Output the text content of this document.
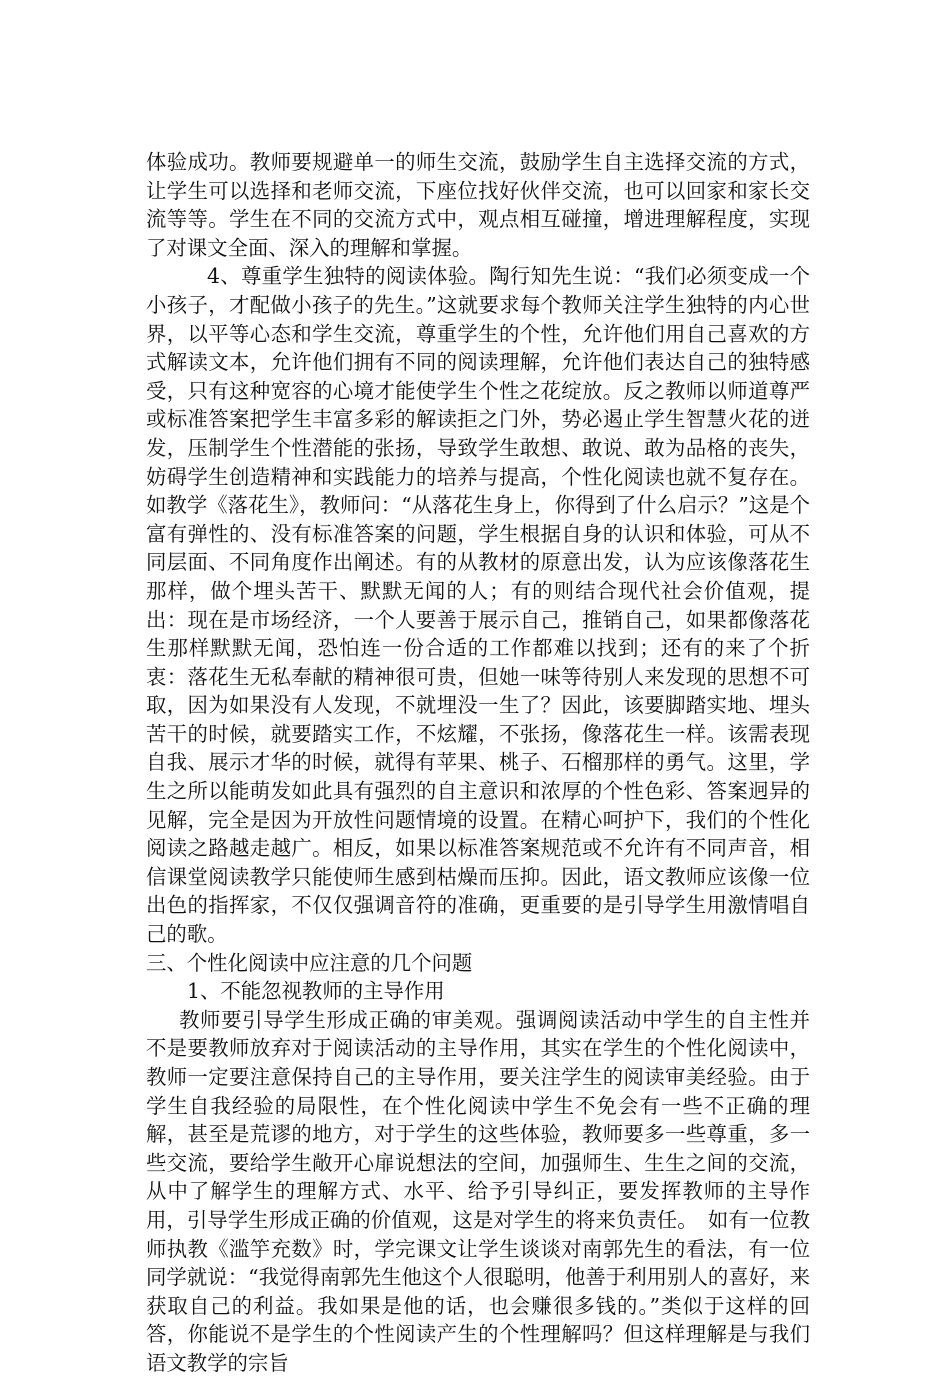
体验成功。教师要规避单一的师生交流，鼓励学生自主选择交流的方式，让学生可以选择和老师交流，下座位找好伙伴交流，也可以回家和家长交流等等。学生在不同的交流方式中，观点相互碰撞，增进理解程度，实现了对课文全面、深入的理解和掌握。

4、尊重学生独特的阅读体验。陶行知先生说：“我们必须变成一个小孩子，才配做小孩子的先生。”这就要求每个教师关注学生独特的内心世界，以平等心态和学生交流，尊重学生的个性，允许他们用自己喜欢的方式解读文本，允许他们拥有不同的阅读理解，允许他们表达自己的独特感受，只有这种宽容的心境才能使学生个性之花绽放。反之教师以师道尊严或标准答案把学生丰富多彩的解读拒之门外，势必遏止学生智慧火花的迸发，压制学生个性潜能的张扬，导致学生敢想、敢说、敢为品格的丧失，妨碍学生创造精神和实践能力的培养与提高，个性化阅读也就不复存在。如教学《落花生》，教师问：“从落花生身上，你得到了什么启示？”这是个富有弹性的、没有标准答案的问题，学生根据自身的认识和体验，可从不同层面、不同角度作出阐述。有的从教材的原意出发，认为应该像落花生那样，做个埋头苦干、默默无闻的人；有的则结合现代社会价值观，提出：现在是市场经济，一个人要善于展示自己，推销自己，如果都像落花生那样默默无闻，恐怕连一份合适的工作都难以找到；还有的来了个折衷：落花生无私奉献的精神很可贵，但她一味等待别人来发现的思想不可取，因为如果没有人发现，不就埋没一生了？因此，该要脚踏实地、埋头苦干的时候，就要踏实工作，不炫耀，不张扬，像落花生一样。该需表现自我、展示才华的时候，就得有苹果、桃子、石榴那样的勇气。这里，学生之所以能萌发如此具有强烈的自主意识和浓厚的个性色彩、答案迥异的见解，完全是因为开放性问题情境的设置。在精心呵护下，我们的个性化阅读之路越走越广。相反，如果以标准答案规范或不允许有不同声音，相信课堂阅读教学只能使师生感到枯燥而压抑。因此，语文教师应该像一位出色的指挥家，不仅仅强调音符的准确，更重要的是引导学生用激情唱自己的歌。

三、个性化阅读中应注意的几个问题

1、不能忽视教师的主导作用

教师要引导学生形成正确的审美观。强调阅读活动中学生的自主性并不是要教师放弃对于阅读活动的主导作用，其实在学生的个性化阅读中，教师一定要注意保持自己的主导作用，要关注学生的阅读审美经验。由于学生自我经验的局限性，在个性化阅读中学生不免会有一些不正确的理解，甚至是荒谬的地方，对于学生的这些体验，教师要多一些尊重，多一些交流，要给学生敞开心扉说想法的空间，加强师生、生生之间的交流，从中了解学生的理解方式、水平、给予引导纠正，要发挥教师的主导作用，引导学生形成正确的价值观，这是对学生的将来负责任。　如有一位教师执教《滥竽充数》时，学完课文让学生谈谈对南郭先生的看法，有一位同学就说：“我觉得南郭先生他这个人很聪明，他善于利用别人的喜好，来获取自己的利益。我如果是他的话，也会赚很多钱的。”类似于这样的回答，你能说不是学生的个性阅读产生的个性理解吗？但这样理解是与我们语文教学的宗旨
